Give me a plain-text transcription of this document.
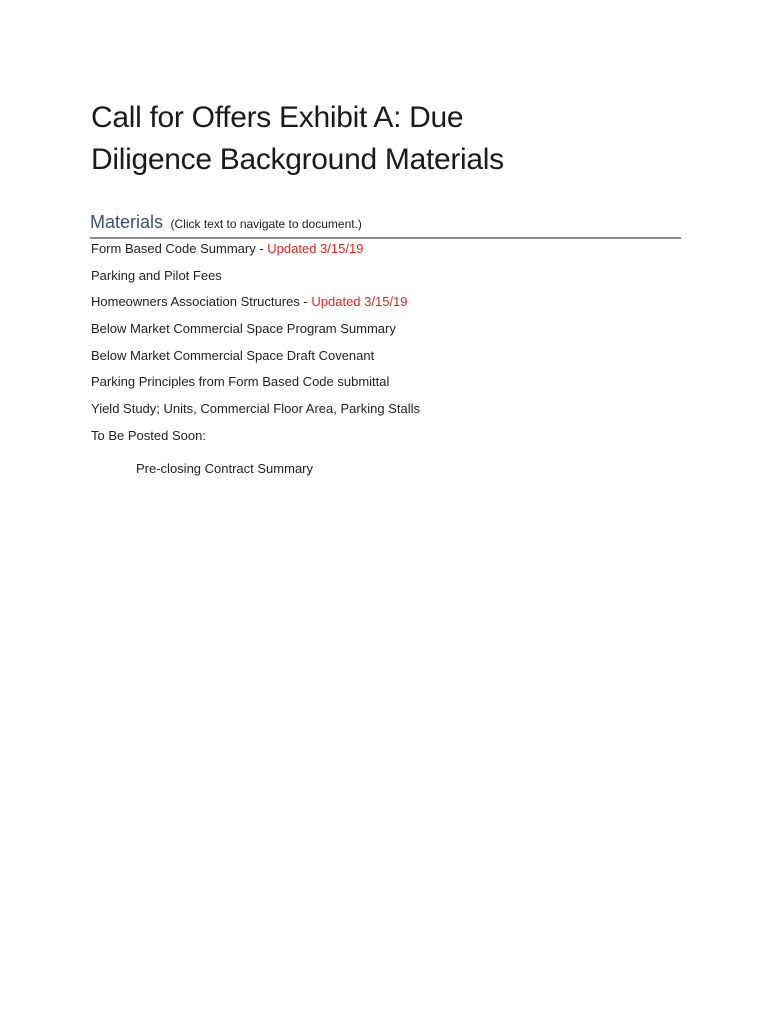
Call for Offers Exhibit A: Due
Diligence Background Materials
Materials (Click text to navigate to document.)
Form Based Code Summary - Updated 3/15/19
Parking and Pilot Fees
Homeowners Association Structures - Updated 3/15/19
Below Market Commercial Space Program Summary
Below Market Commercial Space Draft Covenant
Parking Principles from Form Based Code submittal
Yield Study; Units, Commercial Floor Area, Parking Stalls
To Be Posted Soon:
Pre-closing Contract Summary
